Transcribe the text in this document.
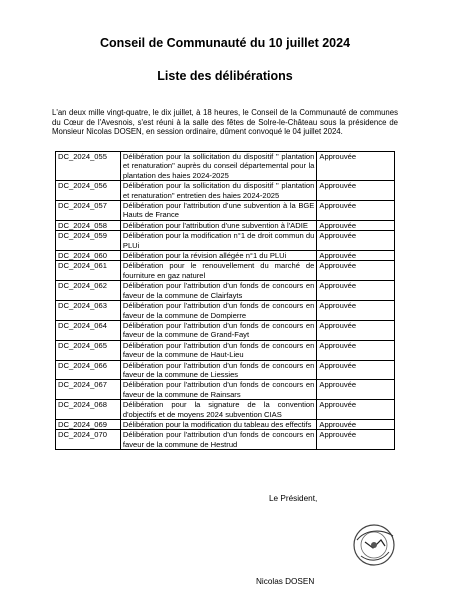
Conseil de Communauté du 10 juillet 2024
Liste des délibérations
L'an deux mille vingt-quatre, le dix juillet, à 18 heures, le Conseil de la Communauté de communes du Cœur de l'Avesnois, s'est réuni à la salle des fêtes de Solre-le-Château sous la présidence de Monsieur Nicolas DOSEN, en session ordinaire, dûment convoqué le 04 juillet 2024.
DC_2024_055	Délibération pour la sollicitation du dispositif " plantation et renaturation" auprès du conseil départemental pour la plantation des haies 2024-2025	Approuvée
DC_2024_056	Délibération pour la sollicitation du dispositif " plantation et renaturation" entretien des haies 2024-2025	Approuvée
DC_2024_057	Délibération pour l'attribution d'une subvention à la BGE Hauts de France	Approuvée
DC_2024_058	Délibération pour l'attribution d'une subvention à l'ADIE	Approuvée
DC_2024_059	Délibération pour la modification n°1 de droit commun du PLUi	Approuvée
DC_2024_060	Délibération pour la révision allégée n°1 du PLUi	Approuvée
DC_2024_061	Délibération pour le renouvellement du marché de fourniture en gaz naturel	Approuvée
DC_2024_062	Délibération pour l'attribution d'un fonds de concours en faveur de la commune de Clairfayts	Approuvée
DC_2024_063	Délibération pour l'attribution d'un fonds de concours en faveur de la commune de Dompierre	Approuvée
DC_2024_064	Délibération pour l'attribution d'un fonds de concours en faveur de la commune de Grand-Fayt	Approuvée
DC_2024_065	Délibération pour l'attribution d'un fonds de concours en faveur de la commune de Haut-Lieu	Approuvée
DC_2024_066	Délibération pour l'attribution d'un fonds de concours en faveur de la commune de Liessies	Approuvée
DC_2024_067	Délibération pour l'attribution d'un fonds de concours en faveur de la commune de Rainsars	Approuvée
DC_2024_068	Délibération pour la signature de la convention d'objectifs et de moyens 2024 subvention CIAS	Approuvée
DC_2024_069	Délibération pour la modification du tableau des effectifs	Approuvée
DC_2024_070	Délibération pour l'attribution d'un fonds de concours en faveur de la commune de Hestrud	Approuvée
Le Président,
Nicolas DOSEN
